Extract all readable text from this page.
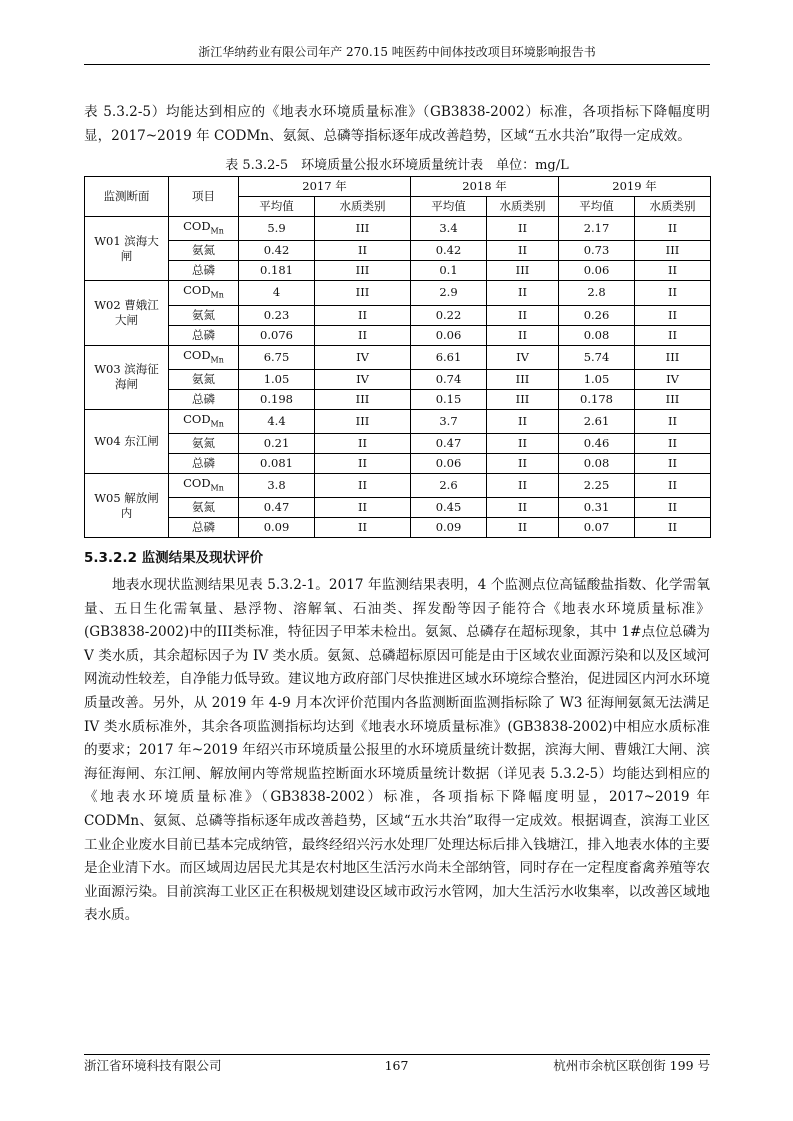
浙江华纳药业有限公司年产 270.15 吨医药中间体技改项目环境影响报告书

表 5.3.2-5）均能达到相应的《地表水环境质量标准》（GB3838-2002）标准，各项指标下降幅度明显，2017~2019 年 CODMn、氨氮、总磷等指标逐年成改善趋势，区域“五水共治”取得一定成效。

表 5.3.2-5　环境质量公报水环境质量统计表　单位：mg/L
监测断面	项目	2017 年		2018 年		2019 年	
		平均值	水质类别	平均值	水质类别	平均值	水质类别
W01 滨海大闸	$COD_{Mn}$	5.9	III	3.4	II	2.17	II
	氨氮	0.42	II	0.42	II	0.73	III
	总磷	0.181	III	0.1	III	0.06	II
W02 曹娥江大闸	$COD_{Mn}$	4	III	2.9	II	2.8	II
	氨氮	0.23	II	0.22	II	0.26	II
	总磷	0.076	II	0.06	II	0.08	II
W03 滨海征海闸	$COD_{Mn}$	6.75	IV	6.61	IV	5.74	III
	氨氮	1.05	IV	0.74	III	1.05	IV
	总磷	0.198	III	0.15	III	0.178	III
W04 东江闸	$COD_{Mn}$	4.4	III	3.7	II	2.61	II
	氨氮	0.21	II	0.47	II	0.46	II
	总磷	0.081	II	0.06	II	0.08	II
W05 解放闸内	$COD_{Mn}$	3.8	II	2.6	II	2.25	II
	氨氮	0.47	II	0.45	II	0.31	II
	总磷	0.09	II	0.09	II	0.07	II
5.3.2.2 监测结果及现状评价

地表水现状监测结果见表 5.3.2-1。2017 年监测结果表明，4 个监测点位高锰酸盐指数、化学需氧量、五日生化需氧量、悬浮物、溶解氧、石油类、挥发酚等因子能符合《地表水环境质量标准》(GB3838-2002)中的III类标准，特征因子甲苯未检出。氨氮、总磷存在超标现象，其中 1#点位总磷为 V 类水质，其余超标因子为 IV 类水质。氨氮、总磷超标原因可能是由于区域农业面源污染和以及区域河网流动性较差，自净能力低导致。建议地方政府部门尽快推进区域水环境综合整治，促进园区内河水环境质量改善。另外，从 2019 年 4-9 月本次评价范围内各监测断面监测指标除了 W3 征海闸氨氮无法满足 IV 类水质标准外，其余各项监测指标均达到《地表水环境质量标准》(GB3838-2002)中相应水质标准的要求；2017 年~2019 年绍兴市环境质量公报里的水环境质量统计数据，滨海大闸、曹娥江大闸、滨海征海闸、东江闸、解放闸内等常规监控断面水环境质量统计数据（详见表 5.3.2-5）均能达到相应的《地表水环境质量标准》（GB3838-2002）标准，各项指标下降幅度明显，2017~2019 年 CODMn、氨氮、总磷等指标逐年成改善趋势，区域“五水共治”取得一定成效。根据调查，滨海工业区工业企业废水目前已基本完成纳管，最终经绍兴污水处理厂处理达标后排入钱塘江，排入地表水体的主要是企业清下水。而区域周边居民尤其是农村地区生活污水尚未全部纳管，同时存在一定程度畜禽养殖等农业面源污染。目前滨海工业区正在积极规划建设区域市政污水管网，加大生活污水收集率，以改善区域地表水质。

浙江省环境科技有限公司	167	杭州市余杭区联创街 199 号
